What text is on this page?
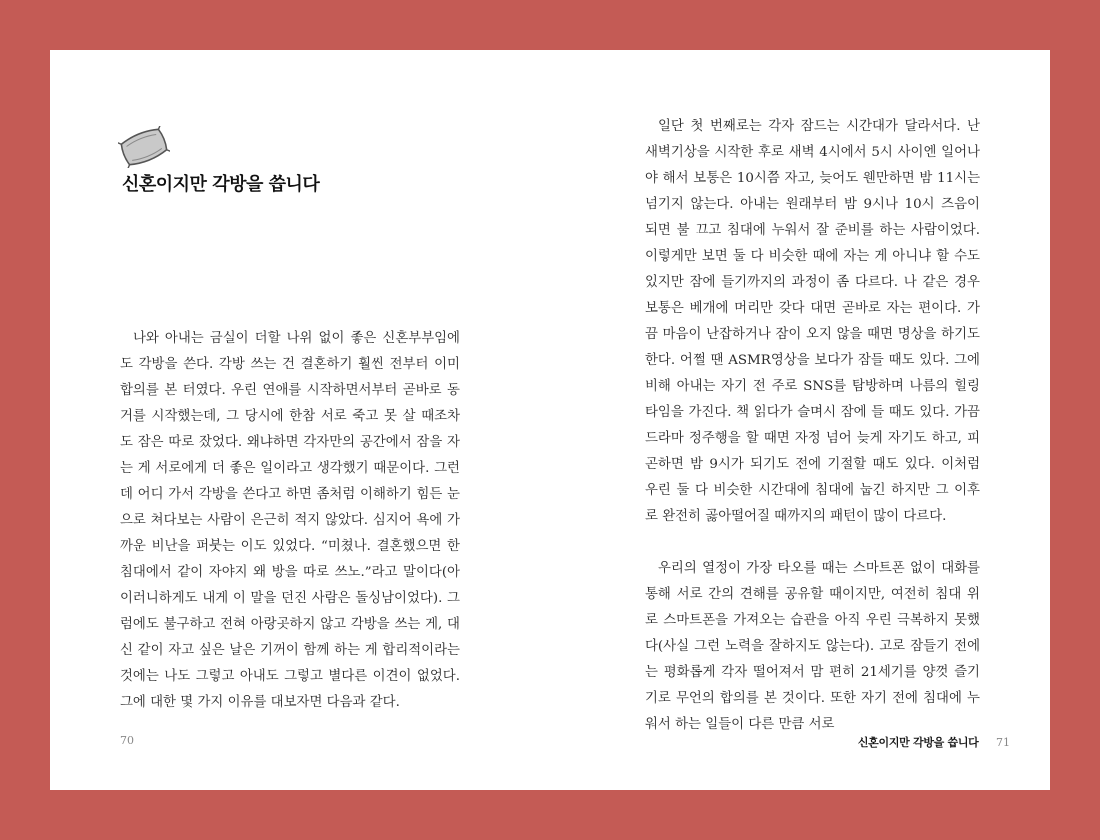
신혼이지만 각방을 씁니다

나와 아내는 금실이 더할 나위 없이 좋은 신혼부부임에도 각방을 쓴다. 각방 쓰는 건 결혼하기 훨씬 전부터 이미 합의를 본 터였다. 우린 연애를 시작하면서부터 곧바로 동거를 시작했는데, 그 당시에 한참 서로 죽고 못 살 때조차도 잠은 따로 잤었다. 왜냐하면 각자만의 공간에서 잠을 자는 게 서로에게 더 좋은 일이라고 생각했기 때문이다. 그런데 어디 가서 각방을 쓴다고 하면 좀처럼 이해하기 힘든 눈으로 쳐다보는 사람이 은근히 적지 않았다. 심지어 욕에 가까운 비난을 퍼붓는 이도 있었다. “미쳤나. 결혼했으면 한 침대에서 같이 자야지 왜 방을 따로 쓰노.”라고 말이다(아이러니하게도 내게 이 말을 던진 사람은 돌싱남이었다). 그럼에도 불구하고 전혀 아랑곳하지 않고 각방을 쓰는 게, 대신 같이 자고 싶은 날은 기꺼이 함께 하는 게 합리적이라는 것에는 나도 그렇고 아내도 그렇고 별다른 이견이 없었다. 그에 대한 몇 가지 이유를 대보자면 다음과 같다.

70

일단 첫 번째로는 각자 잠드는 시간대가 달라서다. 난 새벽기상을 시작한 후로 새벽 4시에서 5시 사이엔 일어나야 해서 보통은 10시쯤 자고, 늦어도 웬만하면 밤 11시는 넘기지 않는다. 아내는 원래부터 밤 9시나 10시 즈음이 되면 불 끄고 침대에 누워서 잘 준비를 하는 사람이었다. 이렇게만 보면 둘 다 비슷한 때에 자는 게 아니냐 할 수도 있지만 잠에 들기까지의 과정이 좀 다르다. 나 같은 경우 보통은 베개에 머리만 갖다 대면 곧바로 자는 편이다. 가끔 마음이 난잡하거나 잠이 오지 않을 때면 명상을 하기도 한다. 어쩔 땐 ASMR영상을 보다가 잠들 때도 있다. 그에 비해 아내는 자기 전 주로 SNS를 탐방하며 나름의 힐링타임을 가진다. 책 읽다가 슬며시 잠에 들 때도 있다. 가끔 드라마 정주행을 할 때면 자정 넘어 늦게 자기도 하고, 피곤하면 밤 9시가 되기도 전에 기절할 때도 있다. 이처럼 우린 둘 다 비슷한 시간대에 침대에 눕긴 하지만 그 이후로 완전히 곯아떨어질 때까지의 패턴이 많이 다르다.

우리의 열정이 가장 타오를 때는 스마트폰 없이 대화를 통해 서로 간의 견해를 공유할 때이지만, 여전히 침대 위로 스마트폰을 가져오는 습관을 아직 우린 극복하지 못했다(사실 그런 노력을 잘하지도 않는다). 고로 잠들기 전에는 평화롭게 각자 떨어져서 맘 편히 21세기를 양껏 즐기기로 무언의 합의를 본 것이다. 또한 자기 전에 침대에 누워서 하는 일들이 다른 만큼 서로

신혼이지만 각방을 씁니다 71
